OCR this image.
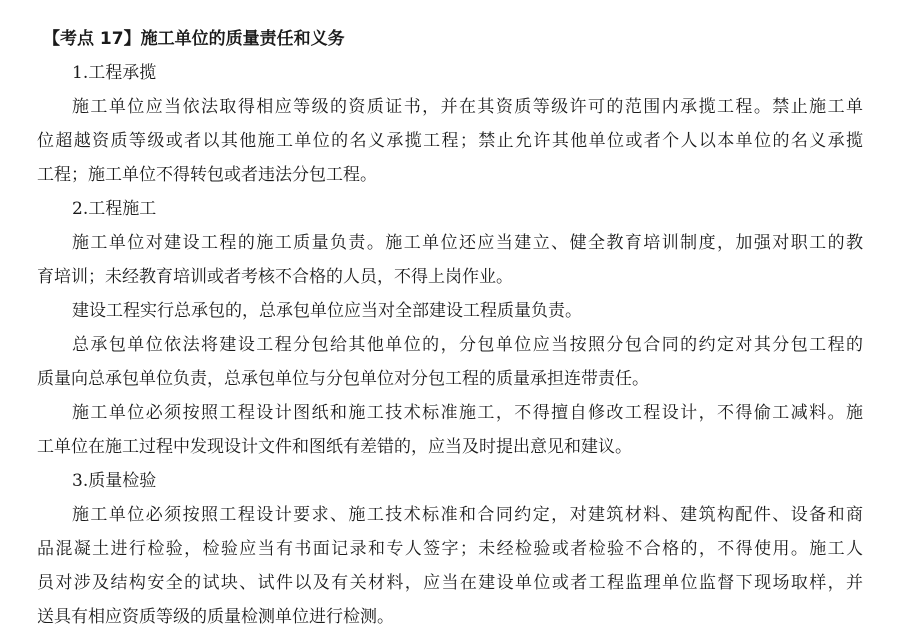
【考点 17】施工单位的质量责任和义务
1.工程承揽
施工单位应当依法取得相应等级的资质证书，并在其资质等级许可的范围内承揽工程。禁止施工单
位超越资质等级或者以其他施工单位的名义承揽工程；禁止允许其他单位或者个人以本单位的名义承揽
工程；施工单位不得转包或者违法分包工程。
2.工程施工
施工单位对建设工程的施工质量负责。施工单位还应当建立、健全教育培训制度，加强对职工的教
育培训；未经教育培训或者考核不合格的人员，不得上岗作业。
建设工程实行总承包的，总承包单位应当对全部建设工程质量负责。
总承包单位依法将建设工程分包给其他单位的，分包单位应当按照分包合同的约定对其分包工程的
质量向总承包单位负责，总承包单位与分包单位对分包工程的质量承担连带责任。
施工单位必须按照工程设计图纸和施工技术标准施工，不得擅自修改工程设计，不得偷工减料。施
工单位在施工过程中发现设计文件和图纸有差错的，应当及时提出意见和建议。
3.质量检验
施工单位必须按照工程设计要求、施工技术标准和合同约定，对建筑材料、建筑构配件、设备和商
品混凝土进行检验，检验应当有书面记录和专人签字；未经检验或者检验不合格的，不得使用。施工人
员对涉及结构安全的试块、试件以及有关材料，应当在建设单位或者工程监理单位监督下现场取样，并
送具有相应资质等级的质量检测单位进行检测。
